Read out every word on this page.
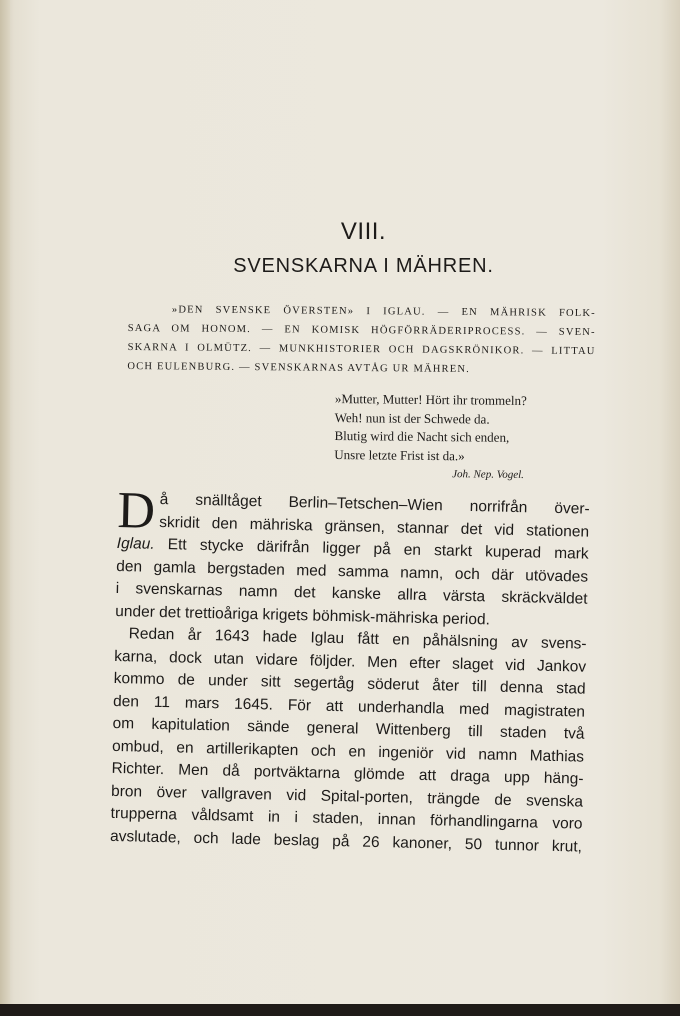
VIII.
SVENSKARNA I MÄHREN.
»DEN SVENSKE ÖVERSTEN» I IGLAU. — EN MÄHRISK FOLK-
SAGA OM HONOM. — EN KOMISK HÖGFÖRRÄDERIPROCESS. — SVEN-
SKARNA I OLMÜTZ. — MUNKHISTORIER OCH DAGSKRÖNIKOR. — LITTAU
OCH EULENBURG. — SVENSKARNAS AVTÅG UR MÄHREN.
»Mutter, Mutter! Hört ihr trommeln?
Weh! nun ist der Schwede da.
Blutig wird die Nacht sich enden,
Unsre letzte Frist ist da.»
Joh. Nep. Vogel.
D å snälltåget Berlin–Tetschen–Wien norrifrån över-
skridit den mähriska gränsen, stannar det vid stationen
Iglau. Ett stycke därifrån ligger på en starkt kuperad mark
den gamla bergstaden med samma namn, och där utövades
i svenskarnas namn det kanske allra värsta skräckväldet
under det trettioåriga krigets böhmisk-mähriska period.
Redan år 1643 hade Iglau fått en påhälsning av svens-
karna, dock utan vidare följder. Men efter slaget vid Jankov
kommo de under sitt segertåg söderut åter till denna stad
den 11 mars 1645. För att underhandla med magistraten
om kapitulation sände general Wittenberg till staden två
ombud, en artillerikapten och en ingeniör vid namn Mathias
Richter. Men då portväktarna glömde att draga upp häng-
bron över vallgraven vid Spital-porten, trängde de svenska
trupperna våldsamt in i staden, innan förhandlingarna voro
avslutade, och lade beslag på 26 kanoner, 50 tunnor krut,
